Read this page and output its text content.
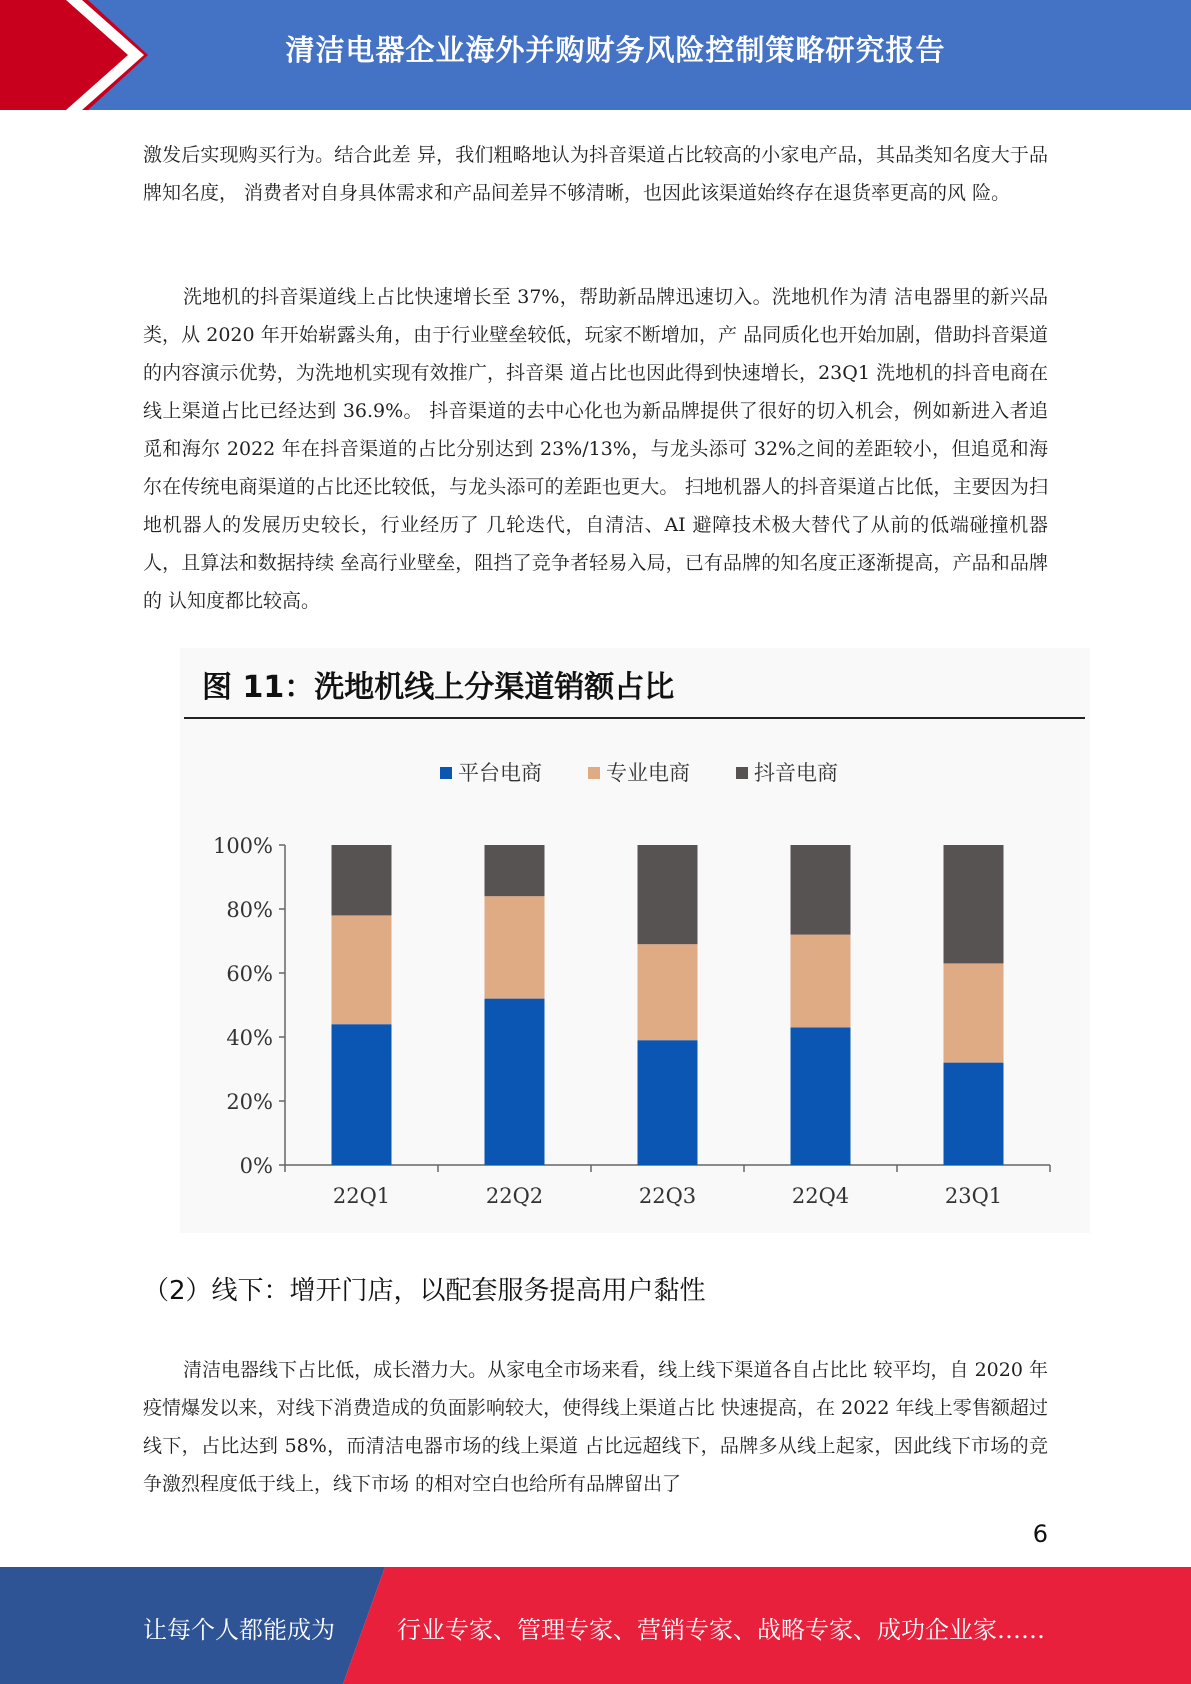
清洁电器企业海外并购财务风险控制策略研究报告

激发后实现购买行为。结合此差 异，我们粗略地认为抖音渠道占比较高的小家电产品，其品类知名度大于品牌知名度， 消费者对自身具体需求和产品间差异不够清晰，也因此该渠道始终存在退货率更高的风 险。

洗地机的抖音渠道线上占比快速增长至 37%，帮助新品牌迅速切入。洗地机作为清 洁电器里的新兴品类，从 2020 年开始崭露头角，由于行业壁垒较低，玩家不断增加，产 品同质化也开始加剧，借助抖音渠道的内容演示优势，为洗地机实现有效推广，抖音渠 道占比也因此得到快速增长，23Q1 洗地机的抖音电商在线上渠道占比已经达到 36.9%。 抖音渠道的去中心化也为新品牌提供了很好的切入机会，例如新进入者追觅和海尔 2022 年在抖音渠道的占比分别达到 23%/13%，与龙头添可 32%之间的差距较小，但追觅和海 尔在传统电商渠道的占比还比较低，与龙头添可的差距也更大。 扫地机器人的抖音渠道占比低，主要因为扫地机器人的发展历史较长，行业经历了 几轮迭代，自清洁、AI 避障技术极大替代了从前的低端碰撞机器人，且算法和数据持续 垒高行业壁垒，阻挡了竞争者轻易入局，已有品牌的知名度正逐渐提高，产品和品牌的 认知度都比较高。

图 11：洗地机线上分渠道销额占比
平台电商	专业电商	抖音电商
0%
20%
40%
60%
80%
100%
22Q1	22Q2	22Q3	22Q4	23Q1
（2）线下：增开门店，以配套服务提高用户黏性

清洁电器线下占比低，成长潜力大。从家电全市场来看，线上线下渠道各自占比比 较平均，自 2020 年疫情爆发以来，对线下消费造成的负面影响较大，使得线上渠道占比 快速提高，在 2022 年线上零售额超过线下，占比达到 58%，而清洁电器市场的线上渠道 占比远超线下，品牌多从线上起家，因此线下市场的竞争激烈程度低于线上，线下市场 的相对空白也给所有品牌留出了

6
让每个人都能成为	行业专家、管理专家、营销专家、战略专家、成功企业家……
